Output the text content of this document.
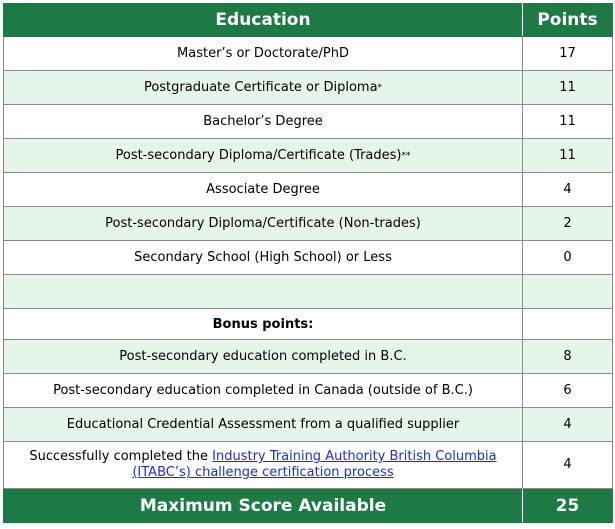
Education	Points
Master’s or Doctorate/PhD	17
Postgraduate Certificate or Diploma*	11
Bachelor’s Degree	11
Post-secondary Diploma/Certificate (Trades)**	11
Associate Degree	4
Post-secondary Diploma/Certificate (Non-trades)	2
Secondary School (High School) or Less	0

Bonus points:	
Post-secondary education completed in B.C.	8
Post-secondary education completed in Canada (outside of B.C.)	6
Educational Credential Assessment from a qualified supplier	4
Successfully completed the Industry Training Authority British Columbia (ITABC’s) challenge certification process	4
Maximum Score Available	25
